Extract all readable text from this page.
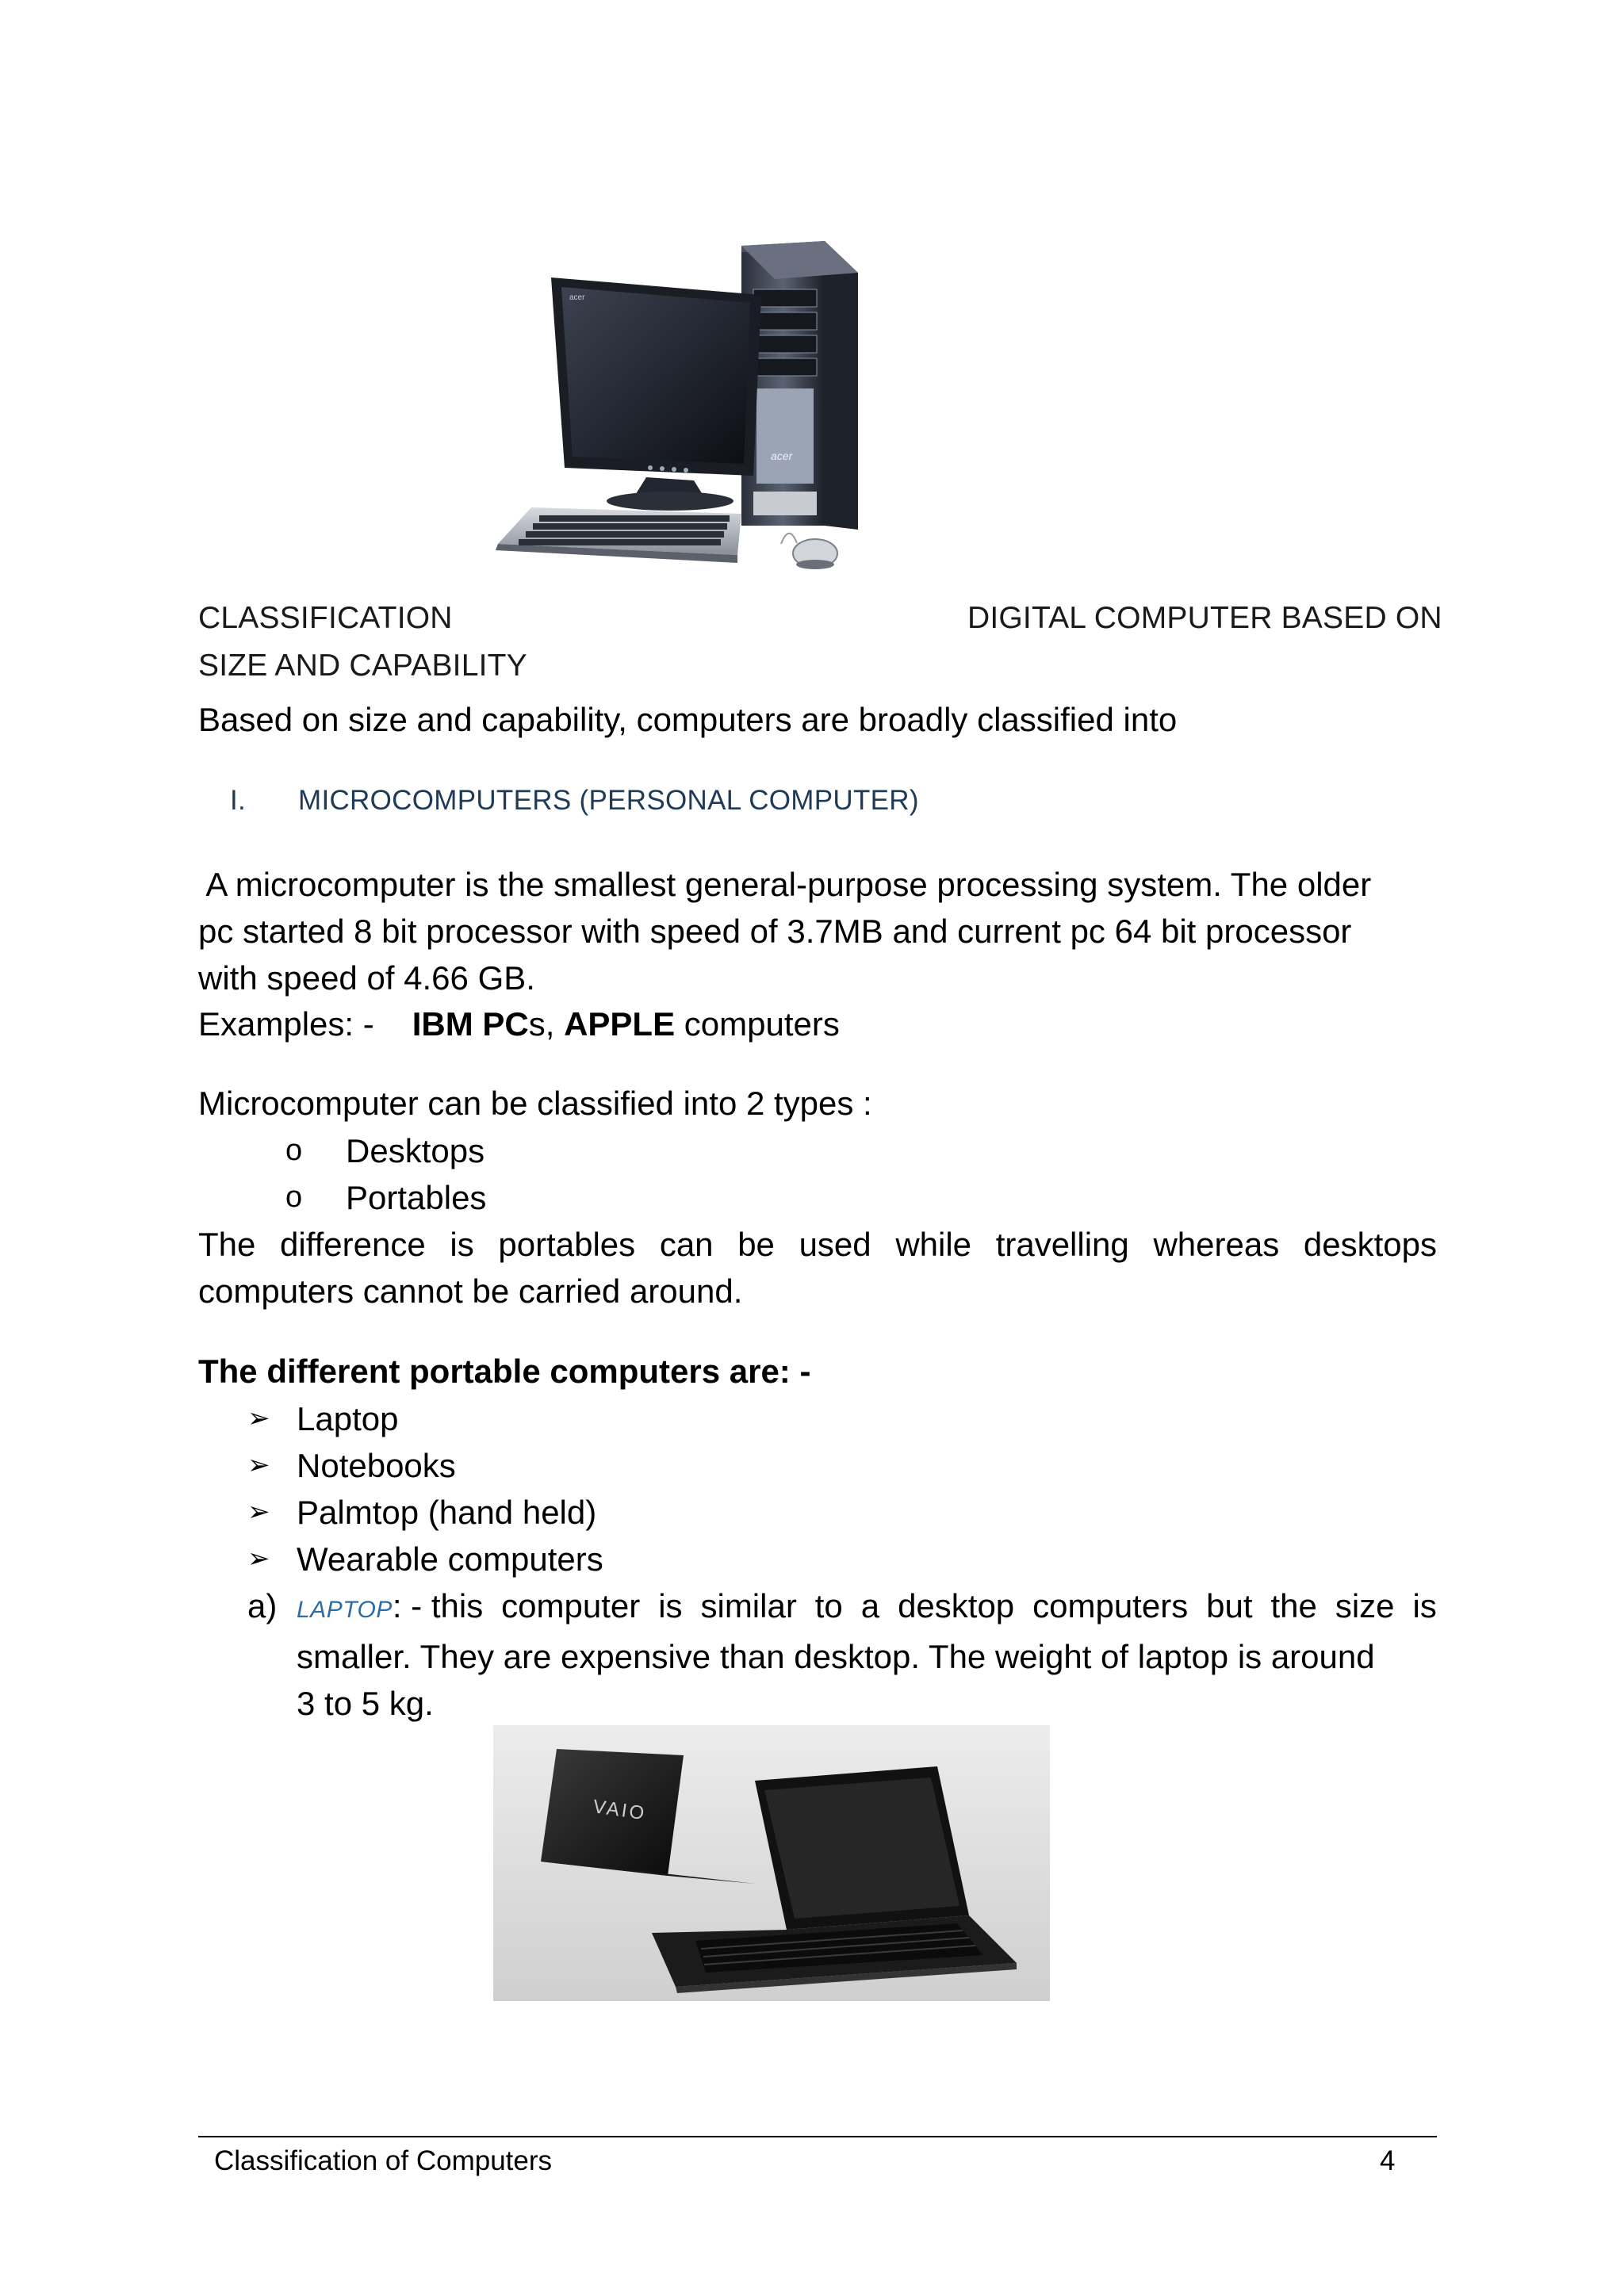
acer
acer
CLASSIFICATION	DIGITAL COMPUTER BASED ON
SIZE AND CAPABILITY
Based on size and capability, computers are broadly classified into
I. MICROCOMPUTERS (PERSONAL COMPUTER)
A microcomputer is the smallest general-purpose processing system. The older
pc started 8 bit processor with speed of 3.7MB and current pc 64 bit processor
with speed of 4.66 GB.
Examples: - IBM PCs, APPLE computers
Microcomputer can be classified into 2 types :
o	Desktops
o	Portables
The difference is portables can be used while travelling whereas desktops
computers cannot be carried around.
The different portable computers are: -
➢ Laptop
➢ Notebooks
➢ Palmtop (hand held)
➢ Wearable computers
a) LAPTOP: - this computer is similar to a desktop computers but the size is
smaller. They are expensive than desktop. The weight of laptop is around
3 to 5 kg.
VAIO
Classification of Computers	4
